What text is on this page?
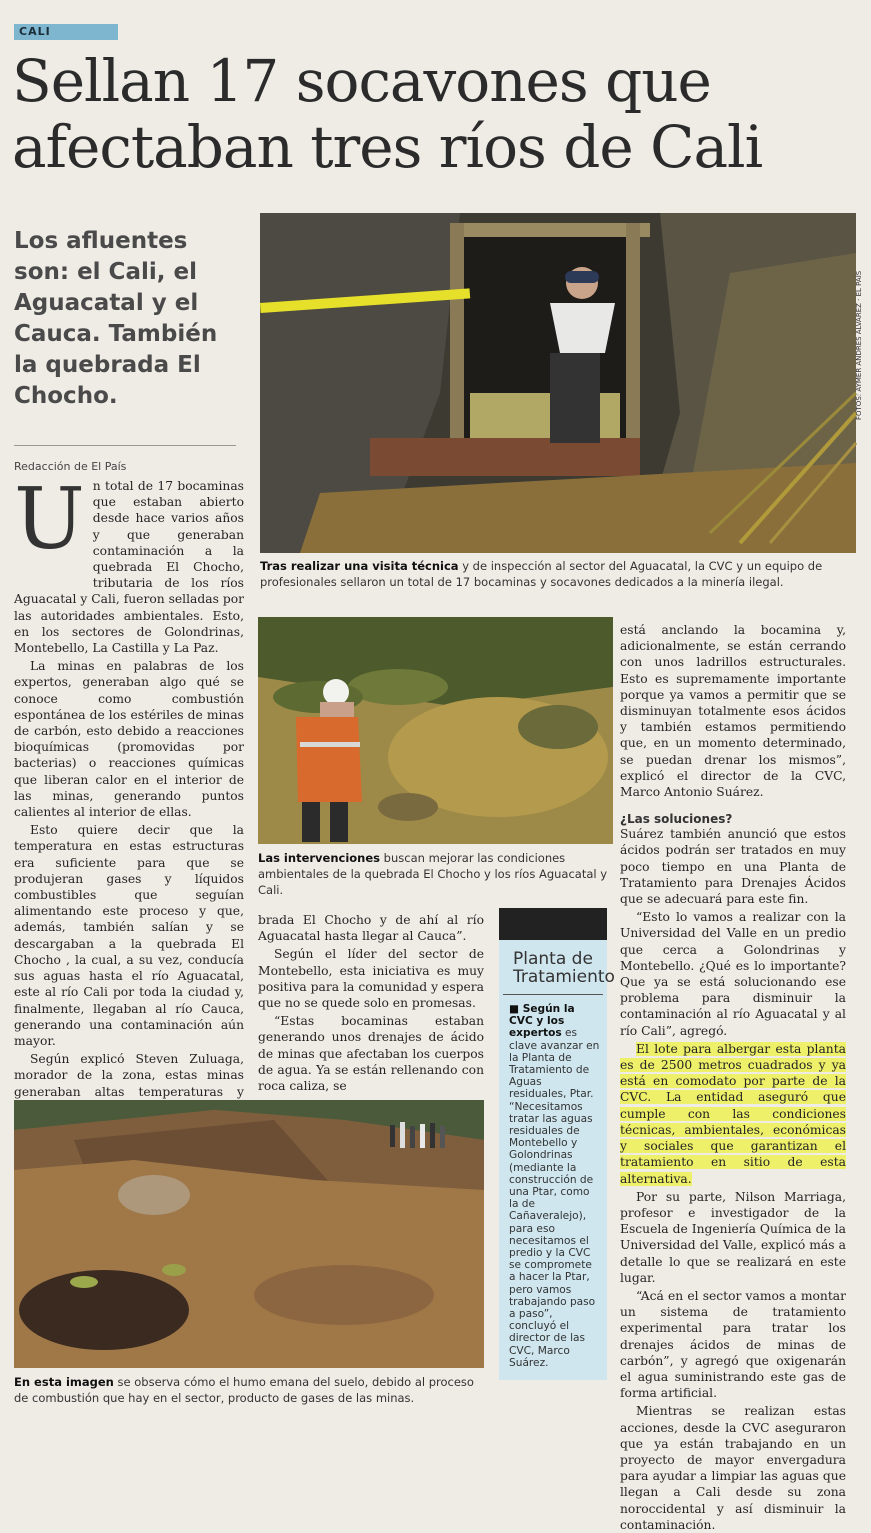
CALI
Sellan 17 socavones que afectaban tres ríos de Cali
Los afluentes son: el Cali, el Aguacatal y el Cauca. También la quebrada El Chocho.
Redacción de El País
U n total de 17 bocaminas que estaban abierto desde hace varios años y que generaban contaminación a la quebrada El Chocho, tributaria de los ríos Aguacatal y Cali, fueron selladas por las autoridades ambientales. Esto, en los sectores de Golondrinas, Montebello, La Castilla y La Paz.

La minas en palabras de los expertos, generaban algo qué se conoce como combustión espontánea de los estériles de minas de carbón, esto debido a reacciones bioquímicas (promovidas por bacterias) o reacciones químicas que liberan calor en el interior de las minas, generando puntos calientes al interior de ellas.

Esto quiere decir que la temperatura en estas estructuras era suficiente para que se produjeran gases y líquidos combustibles que seguían alimentando este proceso y que, además, también salían y se descargaban a la quebrada El Chocho , la cual, a su vez, conducía sus aguas hasta el río Aguacatal, este al río Cali por toda la ciudad y, finalmente, llegaban al río Cauca, generando una contaminación aún mayor.

Según explicó Steven Zuluaga, morador de la zona, estas minas generaban altas temperaturas y

FOTOS: AYMER ANDRÉS ÁLVAREZ · EL PAÍS
Tras realizar una visita técnica y de inspección al sector del Aguacatal, la CVC y un equipo de profesionales sellaron un total de 17 bocaminas y socavones dedicados a la minería ilegal.
Las intervenciones buscan mejorar las condiciones ambientales de la quebrada El Chocho y los ríos Aguacatal y Cali.

brada El Chocho y de ahí al río Aguacatal hasta llegar al Cauca”.

Según el líder del sector de Montebello, esta iniciativa es muy positiva para la comunidad y espera que no se quede solo en promesas.

“Estas bocaminas estaban generando unos drenajes de ácido de minas que afectaban los cuerpos de aguа. Ya se están rellenando con roca caliza, se

Planta de Tratamiento
■ Según la CVC y los expertos es clave avanzar en la Planta de Tratamiento de Aguas residuales, Ptar. “Necesitamos tratar las aguas residuales de Montebello y Golondrinas (mediante la construcción de una Ptar, como la de Cañaveralejo), para eso necesitamos el predio y la CVC se compromete a hacer la Ptar, pero vamos trabajando paso a paso”, concluyó el director de las CVC, Marco Suárez.

está anclando la bocamina y, adicionalmente, se están cerrando con unos ladrillos estructurales. Esto es supremamente importante porque ya vamos a permitir que se disminuyan totalmente esos ácidos y también estamos permitiendo que, en un momento determinado, se puedan drenar los mismos”, explicó el director de la CVC, Marco Antonio Suárez.

¿Las soluciones?

Suárez también anunció que estos ácidos podrán ser tratados en muy poco tiempo en una Planta de Tratamiento para Drenajes Ácidos que se adecuará para este fin.

“Esto lo vamos a realizar con la Universidad del Valle en un predio que cerca a Golondrinas y Montebello. ¿Qué es lo importante? Que ya se está solucionando ese problema para disminuir la contaminación al río Aguacatal y al río Cali”, agregó.

El lote para albergar esta planta es de 2500 metros cuadrados y ya está en comodato por parte de la CVC. La entidad aseguró que cumple con las condiciones técnicas, ambientales, económicas y sociales que garantizan el tratamiento en sitio de esta alternativa.

Por su parte, Nilson Marriaga, profesor e investigador de la Escuela de Ingeniería Química de la Universidad del Valle, explicó más a detalle lo que se realizará en este lugar.

“Acá en el sector vamos a montar un sistema de tratamiento experimental para tratar los drenajes ácidos de minas de carbón”, y agregó que oxigenarán el agua suministrando este gas de forma artificial.

Mientras se realizan estas acciones, desde la CVC aseguraron que ya están trabajando en un proyecto de mayor envergadura para ayudar a limpiar las aguas que llegan a Cali desde su zona noroccidental y así disminuir la contaminación.

En esta imagen se observa cómo el humo emana del suelo, debido al proceso de combustión que hay en el sector, producto de gases de las minas.
